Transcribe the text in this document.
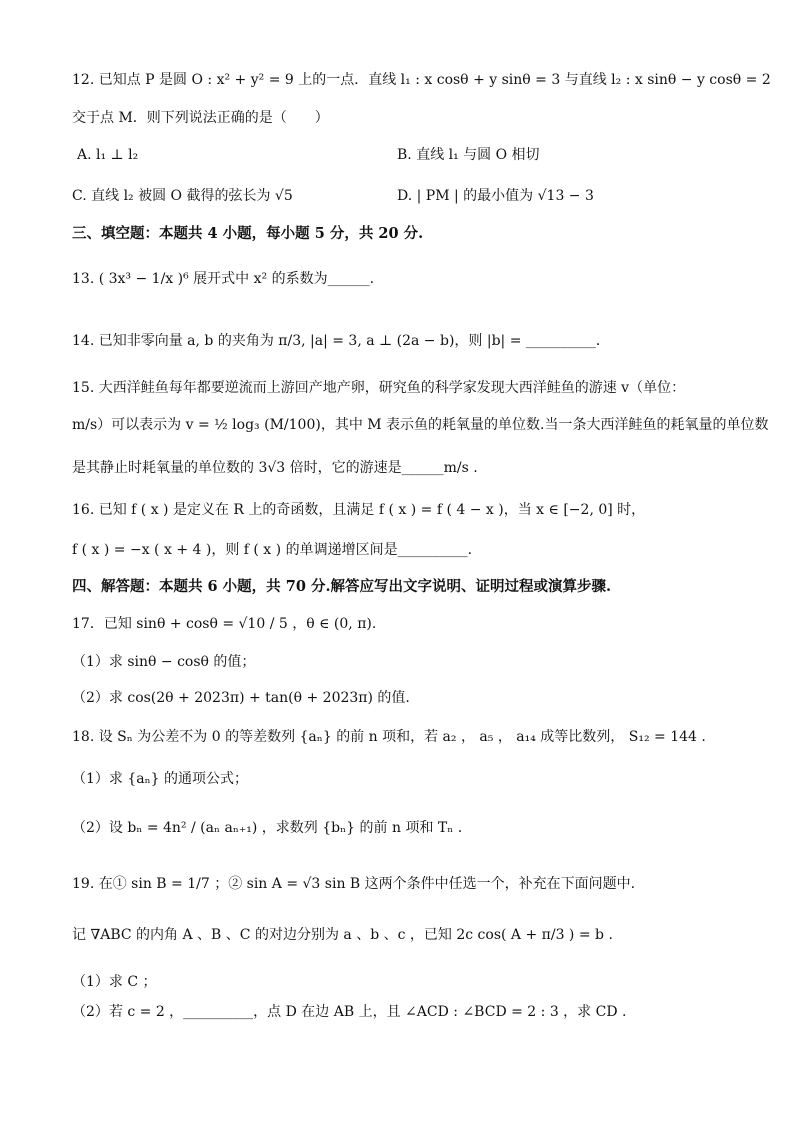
12. 已知点 P 是圆 O : x² + y² = 9 上的一点．直线 l₁ : x cosθ + y sinθ = 3 与直线 l₂ : x sinθ − y cosθ = 2
交于点 M．则下列说法正确的是（　　）
A. l₁ ⊥ l₂	B. 直线 l₁ 与圆 O 相切
C. 直线 l₂ 被圆 O 截得的弦长为 √5	D. | PM | 的最小值为 √13 − 3
三、填空题：本题共 4 小题，每小题 5 分，共 20 分.
13. ( 3x³ − 1/x )⁶ 展开式中 x² 的系数为______.
14. 已知非零向量 a, b 的夹角为 π/3, |a| = 3, a ⊥ (2a − b)，则 |b| = __________．
15. 大西洋鲑鱼每年都要逆流而上游回产地产卵，研究鱼的科学家发现大西洋鲑鱼的游速 v（单位：
m/s）可以表示为 v = ½ log₃ (M/100)，其中 M 表示鱼的耗氧量的单位数.当一条大西洋鲑鱼的耗氧量的单位数
是其静止时耗氧量的单位数的 3√3 倍时，它的游速是______m/s .
16. 已知 f ( x ) 是定义在 R 上的奇函数，且满足 f ( x ) = f ( 4 − x )，当 x ∈ [−2, 0] 时，
f ( x ) = −x ( x + 4 )，则 f ( x ) 的单调递增区间是__________.
四、解答题：本题共 6 小题，共 70 分.解答应写出文字说明、证明过程或演算步骤.
17．已知 sinθ + cosθ = √10 / 5 ，θ ∈ (0, π).
（1）求 sinθ − cosθ 的值；
（2）求 cos(2θ + 2023π) + tan(θ + 2023π) 的值.
18. 设 Sₙ 为公差不为 0 的等差数列 {aₙ} 的前 n 项和，若 a₂ ， a₅ ， a₁₄ 成等比数列， S₁₂ = 144 .
（1）求 {aₙ} 的通项公式；
（2）设 bₙ = 4n² / (aₙ aₙ₊₁) ，求数列 {bₙ} 的前 n 项和 Tₙ .
19. 在① sin B = 1/7 ；② sin A = √3 sin B 这两个条件中任选一个，补充在下面问题中.
记 ∇ABC 的内角 A 、B 、C 的对边分别为 a 、b 、c ，已知 2c cos( A + π/3 ) = b .
（1）求 C ；
（2）若 c = 2 ，__________，点 D 在边 AB 上，且 ∠ACD : ∠BCD = 2 : 3 ，求 CD .
